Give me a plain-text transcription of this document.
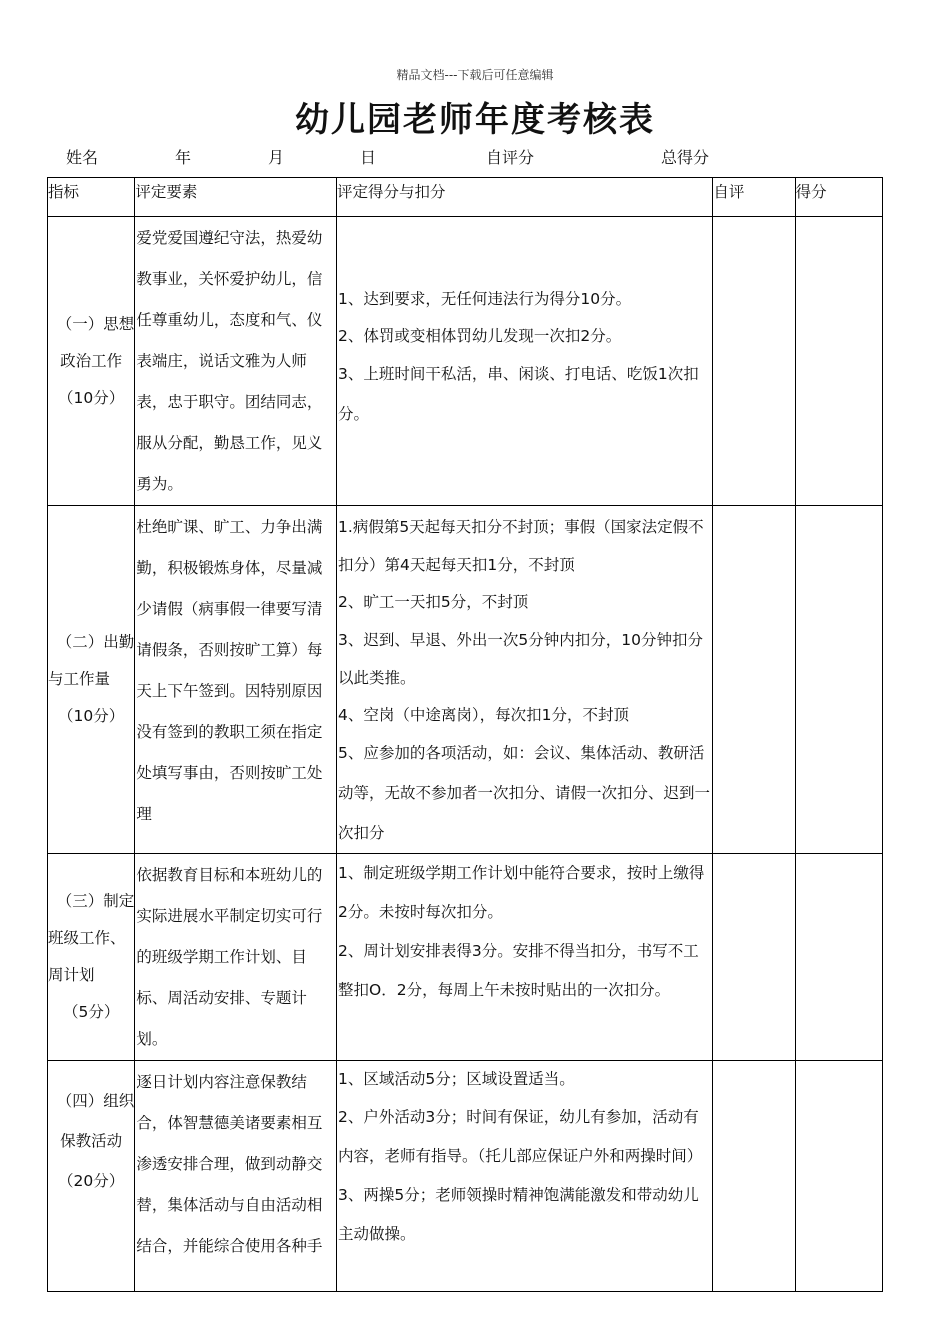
精品文档---下载后可任意编辑
幼儿园老师年度考核表
姓名	年	月	日	自评分	总得分
指标	评定要素	评定得分与扣分	自评	得分

（一）思想
政治工作
（10分）	爱党爱国遵纪守法，热爱幼教事业，关怀爱护幼儿，信任尊重幼儿，态度和气、仪表端庄，说话文雅为人师表，忠于职守。团结同志，服从分配，勤恳工作，见义勇为。	1、达到要求，无任何违法行为得分10分。
2、体罚或变相体罚幼儿发现一次扣2分。
3、上班时间干私活，串、闲谈、打电话、吃饭1次扣分。		

（二）出勤
与工作量
（10分）	杜绝旷课、旷工、力争出满勤，积极锻炼身体，尽量减少请假（病事假一律要写清请假条，否则按旷工算）每天上下午签到。因特别原因没有签到的教职工须在指定处填写事由，否则按旷工处理	1.病假第5天起每天扣分不封顶；事假（国家法定假不扣分）第4天起每天扣1分，不封顶
2、旷工一天扣5分，不封顶
3、迟到、早退、外出一次5分钟内扣分，10分钟扣分以此类推。
4、空岗（中途离岗），每次扣1分，不封顶
5、应参加的各项活动，如：会议、集体活动、教研活动等，无故不参加者一次扣分、请假一次扣分、迟到一次扣分		

（三）制定
班级工作、
周计划
（5分）	依据教育目标和本班幼儿的实际进展水平制定切实可行的班级学期工作计划、目标、周活动安排、专题计划。	1、制定班级学期工作计划中能符合要求，按时上缴得2分。未按时每次扣分。
2、周计划安排表得3分。安排不得当扣分，书写不工整扣O．2分，每周上午未按时贴出的一次扣分。		

（四）组织
保教活动
（20分）	逐日计划内容注意保教结合，体智慧德美诸要素相互渗透安排合理，做到动静交替，集体活动与自由活动相结合，并能综合使用各种手	1、区域活动5分；区域设置适当。
2、户外活动3分；时间有保证，幼儿有参加，活动有内容，老师有指导。（托儿部应保证户外和两操时间）
3、两操5分；老师领操时精神饱满能激发和带动幼儿主动做操。		
